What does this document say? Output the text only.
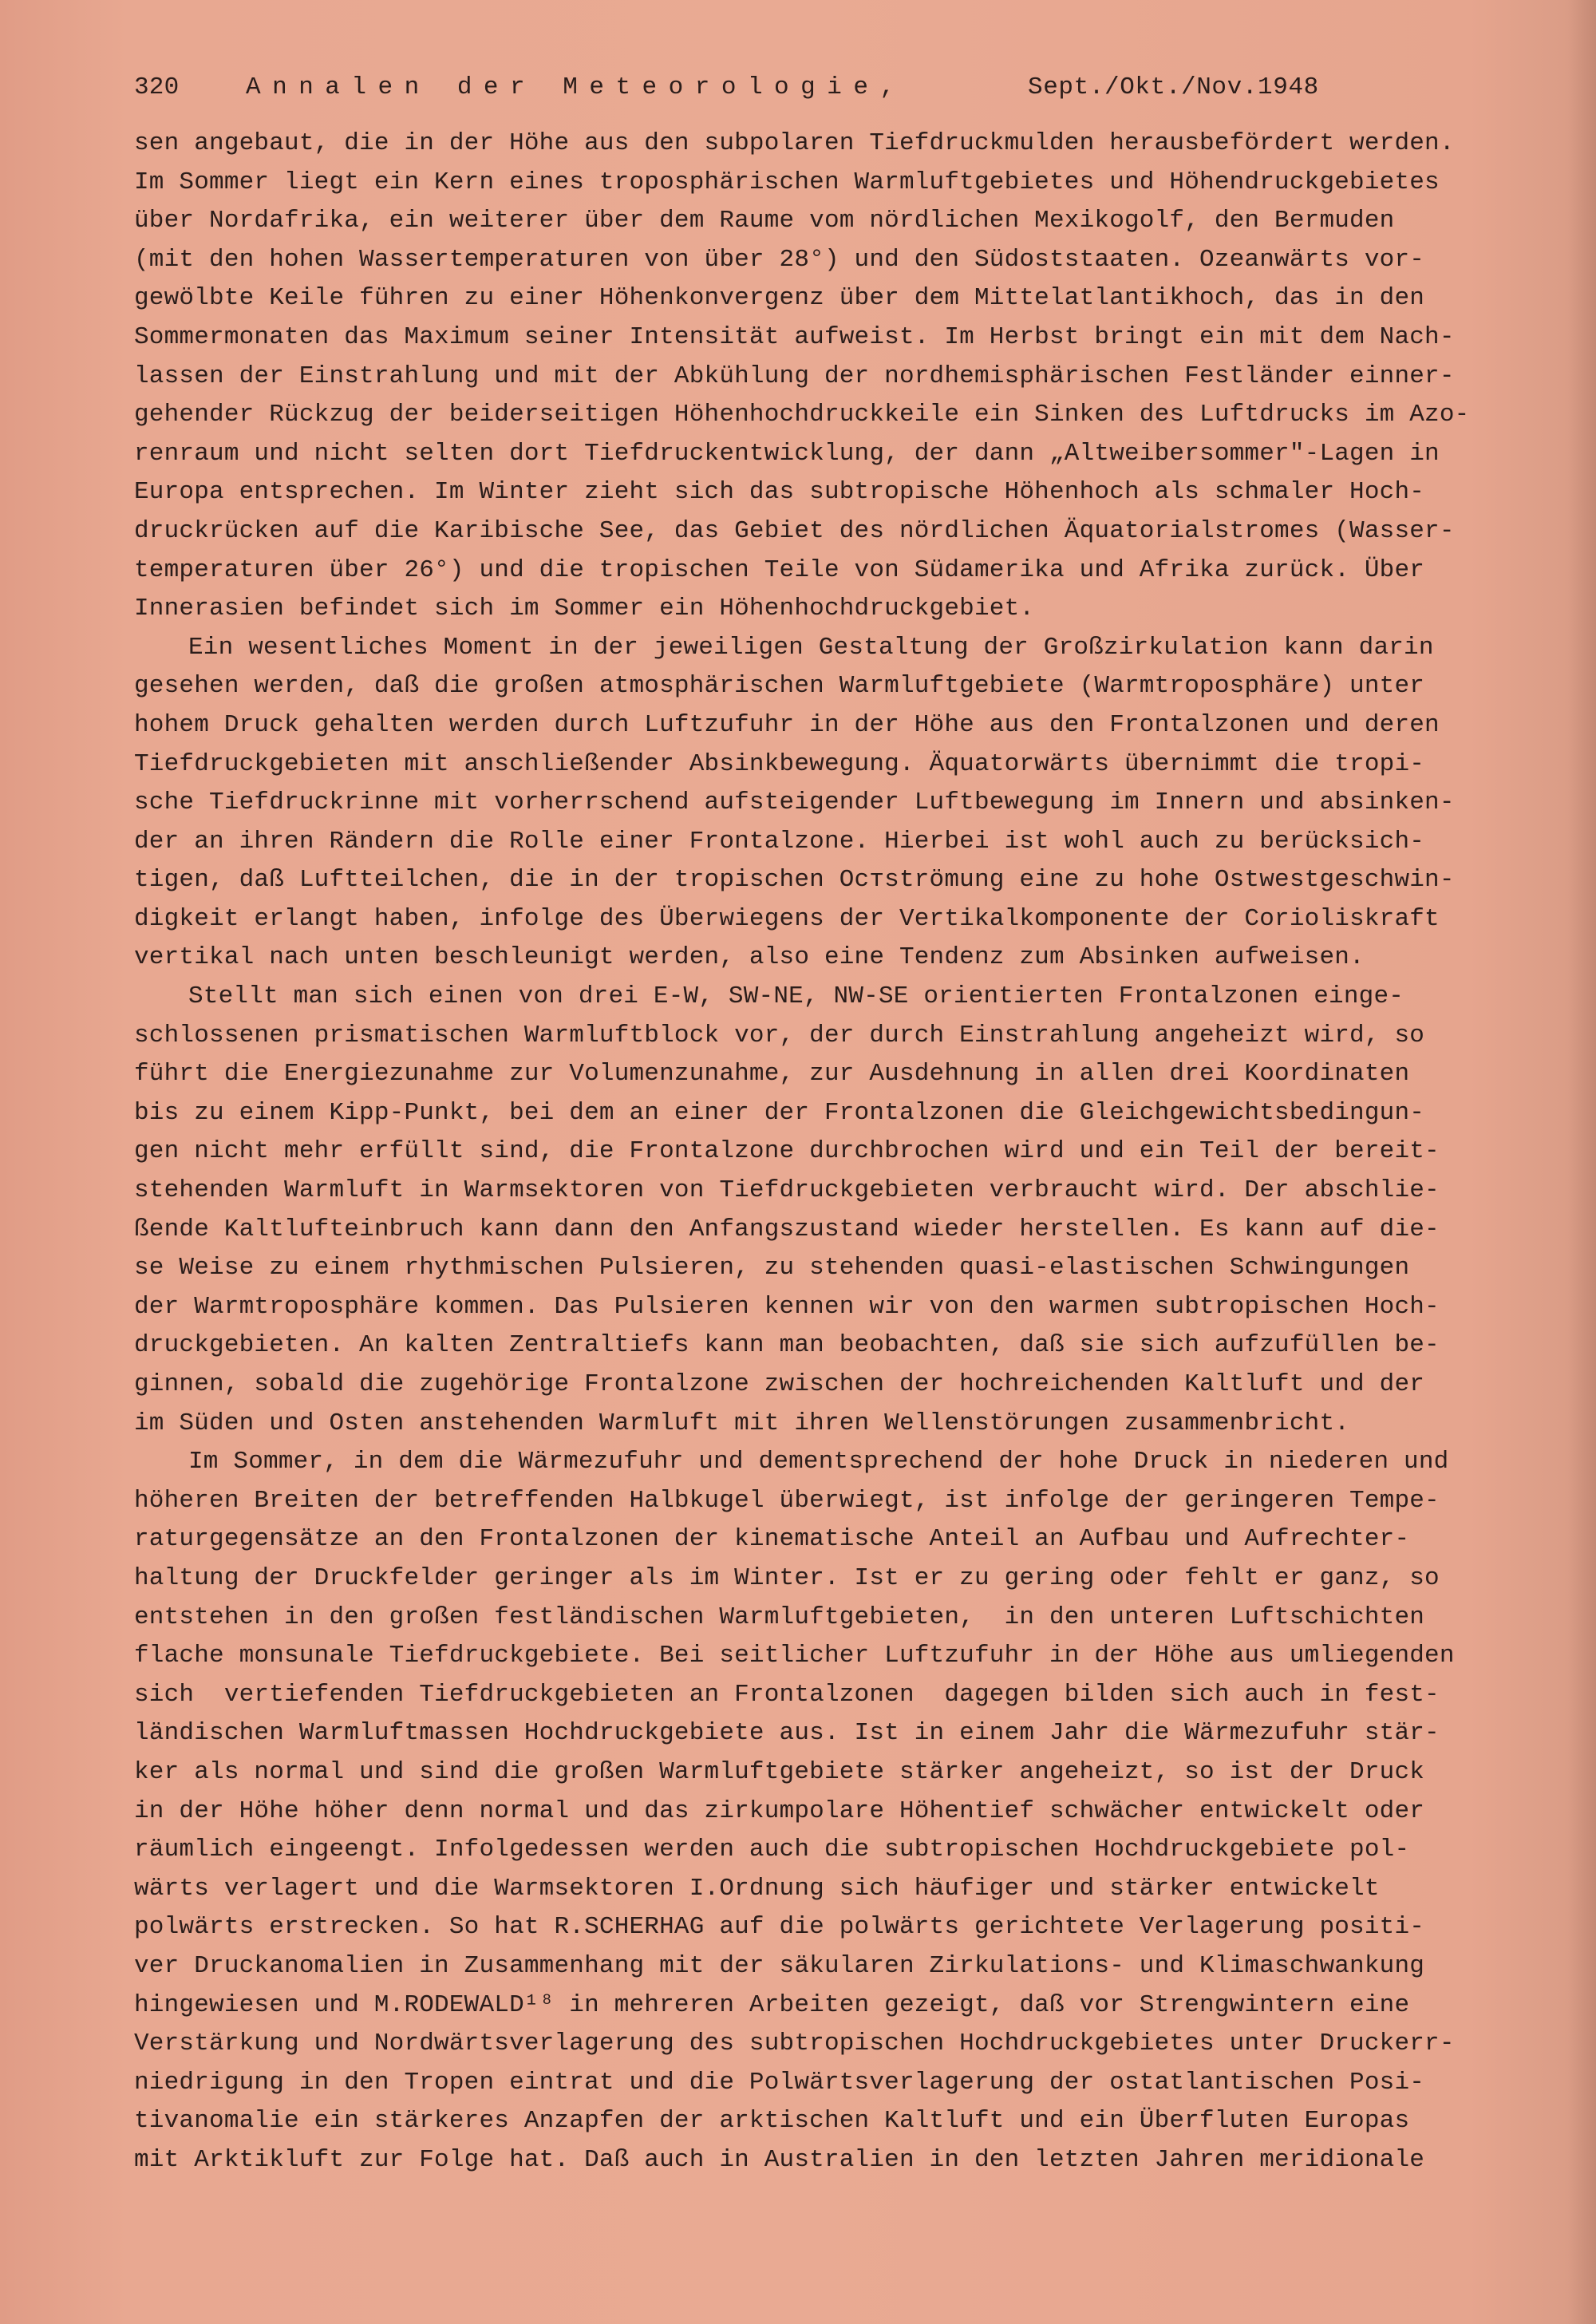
320	Annalen der Meteorologie,	Sept./Okt./Nov.1948
sen angebaut, die in der Höhe aus den subpolaren Tiefdruckmulden herausbefördert werden.
Im Sommer liegt ein Kern eines troposphärischen Warmluftgebietes und Höhendruckgebietes
über Nordafrika, ein weiterer über dem Raume vom nördlichen Mexikogolf, den Bermuden
(mit den hohen Wassertemperaturen von über 28°) und den Südoststaaten. Ozeanwärts vor-
gewölbte Keile führen zu einer Höhenkonvergenz über dem Mittelatlantikhoch, das in den
Sommermonaten das Maximum seiner Intensität aufweist. Im Herbst bringt ein mit dem Nach-
lassen der Einstrahlung und mit der Abkühlung der nordhemisphärischen Festländer einner-
gehender Rückzug der beiderseitigen Höhenhochdruckkeile ein Sinken des Luftdrucks im Azo-
renraum und nicht selten dort Tiefdruckentwicklung, der dann „Altweibersommer"-Lagen in
Europa entsprechen. Im Winter zieht sich das subtropische Höhenhoch als schmaler Hoch-
druckrücken auf die Karibische See, das Gebiet des nördlichen Äquatorialstromes (Wasser-
temperaturen über 26°) und die tropischen Teile von Südamerika und Afrika zurück. Über
Innerasien befindet sich im Sommer ein Höhenhochdruckgebiet.
Ein wesentliches Moment in der jeweiligen Gestaltung der Großzirkulation kann darin
gesehen werden, daß die großen atmosphärischen Warmluftgebiete (Warmtroposphäre) unter
hohem Druck gehalten werden durch Luftzufuhr in der Höhe aus den Frontalzonen und deren
Tiefdruckgebieten mit anschließender Absinkbewegung. Äquatorwärts übernimmt die tropi-
sche Tiefdruckrinne mit vorherrschend aufsteigender Luftbewegung im Innern und absinken-
der an ihren Rändern die Rolle einer Frontalzone. Hierbei ist wohl auch zu berücksich-
tigen, daß Luftteilchen, die in der tropischen Oстströmung eine zu hohe Ostwestgeschwin-
digkeit erlangt haben, infolge des Überwiegens der Vertikalkomponente der Corioliskraft
vertikal nach unten beschleunigt werden, also eine Tendenz zum Absinken aufweisen.
Stellt man sich einen von drei E-W, SW-NE, NW-SE orientierten Frontalzonen einge-
schlossenen prismatischen Warmluftblock vor, der durch Einstrahlung angeheizt wird, so
führt die Energiezunahme zur Volumenzunahme, zur Ausdehnung in allen drei Koordinaten
bis zu einem Kipp-Punkt, bei dem an einer der Frontalzonen die Gleichgewichtsbedingun-
gen nicht mehr erfüllt sind, die Frontalzone durchbrochen wird und ein Teil der bereit-
stehenden Warmluft in Warmsektoren von Tiefdruckgebieten verbraucht wird. Der abschlie-
ßende Kaltlufteinbruch kann dann den Anfangszustand wieder herstellen. Es kann auf die-
se Weise zu einem rhythmischen Pulsieren, zu stehenden quasi-elastischen Schwingungen
der Warmtroposphäre kommen. Das Pulsieren kennen wir von den warmen subtropischen Hoch-
druckgebieten. An kalten Zentraltiefs kann man beobachten, daß sie sich aufzufüllen be-
ginnen, sobald die zugehörige Frontalzone zwischen der hochreichenden Kaltluft und der
im Süden und Osten anstehenden Warmluft mit ihren Wellenstörungen zusammenbricht.
Im Sommer, in dem die Wärmezufuhr und dementsprechend der hohe Druck in niederen und
höheren Breiten der betreffenden Halbkugel überwiegt, ist infolge der geringeren Tempe-
raturgegensätze an den Frontalzonen der kinematische Anteil an Aufbau und Aufrechter-
haltung der Druckfelder geringer als im Winter. Ist er zu gering oder fehlt er ganz, so
entstehen in den großen festländischen Warmluftgebieten,  in den unteren Luftschichten
flache monsunale Tiefdruckgebiete. Bei seitlicher Luftzufuhr in der Höhe aus umliegenden
sich  vertiefenden Tiefdruckgebieten an Frontalzonen  dagegen bilden sich auch in fest-
ländischen Warmluftmassen Hochdruckgebiete aus. Ist in einem Jahr die Wärmezufuhr stär-
ker als normal und sind die großen Warmluftgebiete stärker angeheizt, so ist der Druck
in der Höhe höher denn normal und das zirkumpolare Höhentief schwächer entwickelt oder
räumlich eingeengt. Infolgedessen werden auch die subtropischen Hochdruckgebiete pol-
wärts verlagert und die Warmsektoren I.Ordnung sich häufiger und stärker entwickelt
polwärts erstrecken. So hat R.SCHERHAG auf die polwärts gerichtete Verlagerung positi-
ver Druckanomalien in Zusammenhang mit der säkularen Zirkulations- und Klimaschwankung
hingewiesen und M.RODEWALD¹⁸ in mehreren Arbeiten gezeigt, daß vor Strengwintern eine
Verstärkung und Nordwärtsverlagerung des subtropischen Hochdruckgebietes unter Druckerr-
niedrigung in den Tropen eintrat und die Polwärtsverlagerung der ostatlantischen Posi-
tivanomalie ein stärkeres Anzapfen der arktischen Kaltluft und ein Überfluten Europas
mit Arktikluft zur Folge hat. Daß auch in Australien in den letzten Jahren meridionale
